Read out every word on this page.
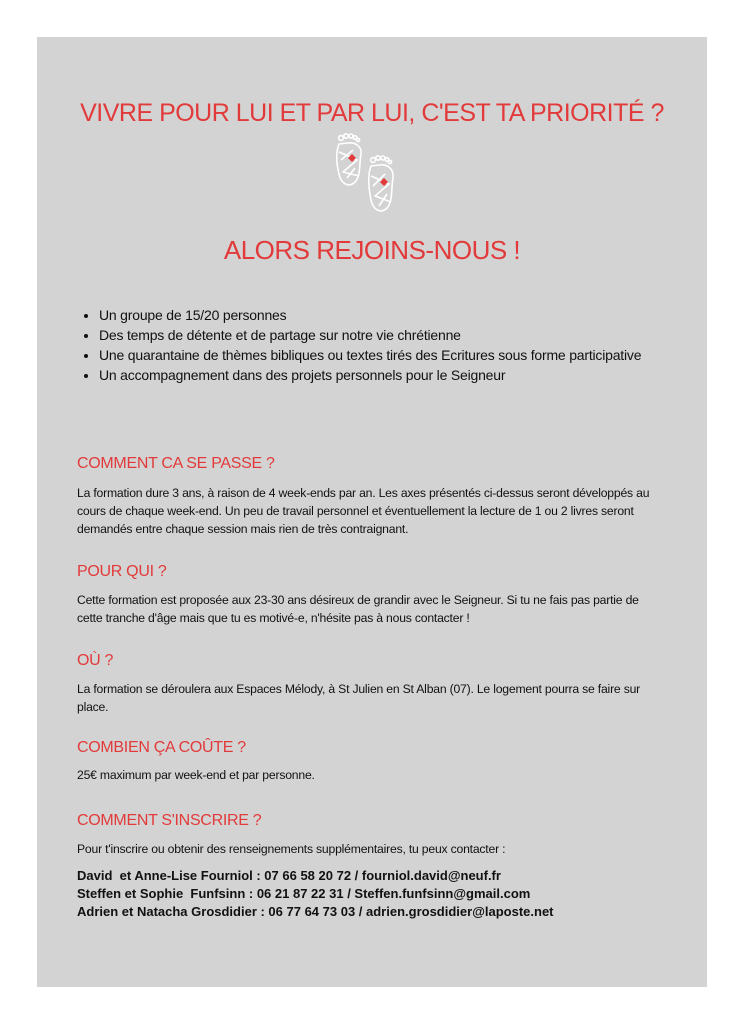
VIVRE POUR LUI ET PAR LUI, C'EST TA PRIORITÉ ?
ALORS REJOINS-NOUS !
• Un groupe de 15/20 personnes
• Des temps de détente et de partage sur notre vie chrétienne
• Une quarantaine de thèmes bibliques ou textes tirés des Ecritures sous forme participative
• Un accompagnement dans des projets personnels pour le Seigneur
COMMENT CA SE PASSE ?

La formation dure 3 ans, à raison de 4 week-ends par an. Les axes présentés ci-dessus seront développés au cours de chaque week-end. Un peu de travail personnel et éventuellement la lecture de 1 ou 2 livres seront demandés entre chaque session mais rien de très contraignant.

POUR QUI ?

Cette formation est proposée aux 23-30 ans désireux de grandir avec le Seigneur. Si tu ne fais pas partie de cette tranche d'âge mais que tu es motivé-e, n'hésite pas à nous contacter !

OÙ ?

La formation se déroulera aux Espaces Mélody, à St Julien en St Alban (07). Le logement pourra se faire sur place.

COMBIEN ÇA COÛTE ?

25€ maximum par week-end et par personne.

COMMENT S'INSCRIRE ?

Pour t'inscrire ou obtenir des renseignements supplémentaires, tu peux contacter :

David  et Anne-Lise Fourniol : 07 66 58 20 72 / fourniol.david@neuf.fr
Steffen et Sophie  Funfsinn : 06 21 87 22 31 / Steffen.funfsinn@gmail.com
Adrien et Natacha Grosdidier : 06 77 64 73 03 / adrien.grosdidier@laposte.net
